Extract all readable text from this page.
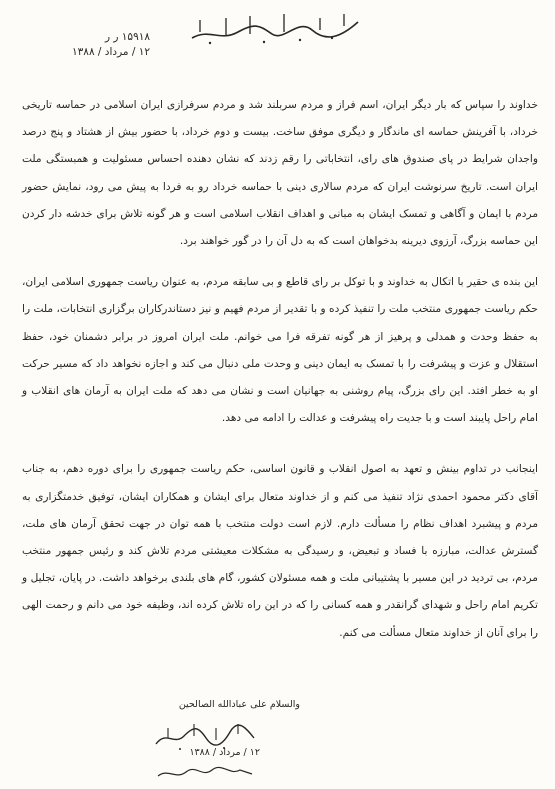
۱۵۹۱۸ ر ر
۱۲ / مرداد / ۱۳۸۸

خداوند را سپاس که بار دیگر ایران، اسم فراز و مردم سربلند شد و مردم سرفرازی ایران اسلامی در حماسه تاریخی خرداد، با آفرینش حماسه ای ماندگار و دیگری موفق ساخت. بیست و دوم خرداد، با حضور بیش از هشتاد و پنج درصد واجدان شرایط در پای صندوق های رای، انتخاباتی را رقم زدند که نشان دهنده احساس مسئولیت و همبستگی ملت ایران است. تاریخ سرنوشت ایران که مردم سالاری دینی با حماسه خرداد رو به فردا به پیش می رود، نمایش حضور مردم با ایمان و آگاهی و تمسک ایشان به مبانی و اهداف انقلاب اسلامی است و هر گونه تلاش برای خدشه دار کردن این حماسه بزرگ، آرزوی دیرینه بدخواهان است که به دل آن را در گور خواهند برد.

این بنده ی حقیر با اتکال به خداوند و با توکل بر رای قاطع و بی سابقه مردم، به عنوان ریاست جمهوری اسلامی ایران، حکم ریاست جمهوری منتخب ملت را تنفیذ کرده و با تقدیر از مردم فهیم و نیز دستاندرکاران برگزاری انتخابات، ملت را به حفظ وحدت و همدلی و پرهیز از هر گونه تفرقه فرا می خوانم. ملت ایران امروز در برابر دشمنان خود، حفظ استقلال و عزت و پیشرفت را با تمسک به ایمان دینی و وحدت ملی دنبال می کند و اجازه نخواهد داد که مسیر حرکت او به خطر افتد. این رای بزرگ، پیام روشنی به جهانیان است و نشان می دهد که ملت ایران به آرمان های انقلاب و امام راحل پایبند است و با جدیت راه پیشرفت و عدالت را ادامه می دهد.

اینجانب در تداوم بینش و تعهد به اصول انقلاب و قانون اساسی، حکم ریاست جمهوری را برای دوره دهم، به جناب آقای دکتر محمود احمدی نژاد تنفیذ می کنم و از خداوند متعال برای ایشان و همکاران ایشان، توفیق خدمتگزاری به مردم و پیشبرد اهداف نظام را مسألت دارم. لازم است دولت منتخب با همه توان در جهت تحقق آرمان های ملت، گسترش عدالت، مبارزه با فساد و تبعیض، و رسیدگی به مشکلات معیشتی مردم تلاش کند و رئیس جمهور منتخب مردم، بی تردید در این مسیر با پشتیبانی ملت و همه مسئولان کشور، گام های بلندی برخواهد داشت. در پایان، تجلیل و تکریم امام راحل و شهدای گرانقدر و همه کسانی را که در این راه تلاش کرده اند، وظیفه خود می دانم و رحمت الهی را برای آنان از خداوند متعال مسألت می کنم.

والسلام علی عبادالله الصالحین
۱۲ / مرداد / ۱۳۸۸
